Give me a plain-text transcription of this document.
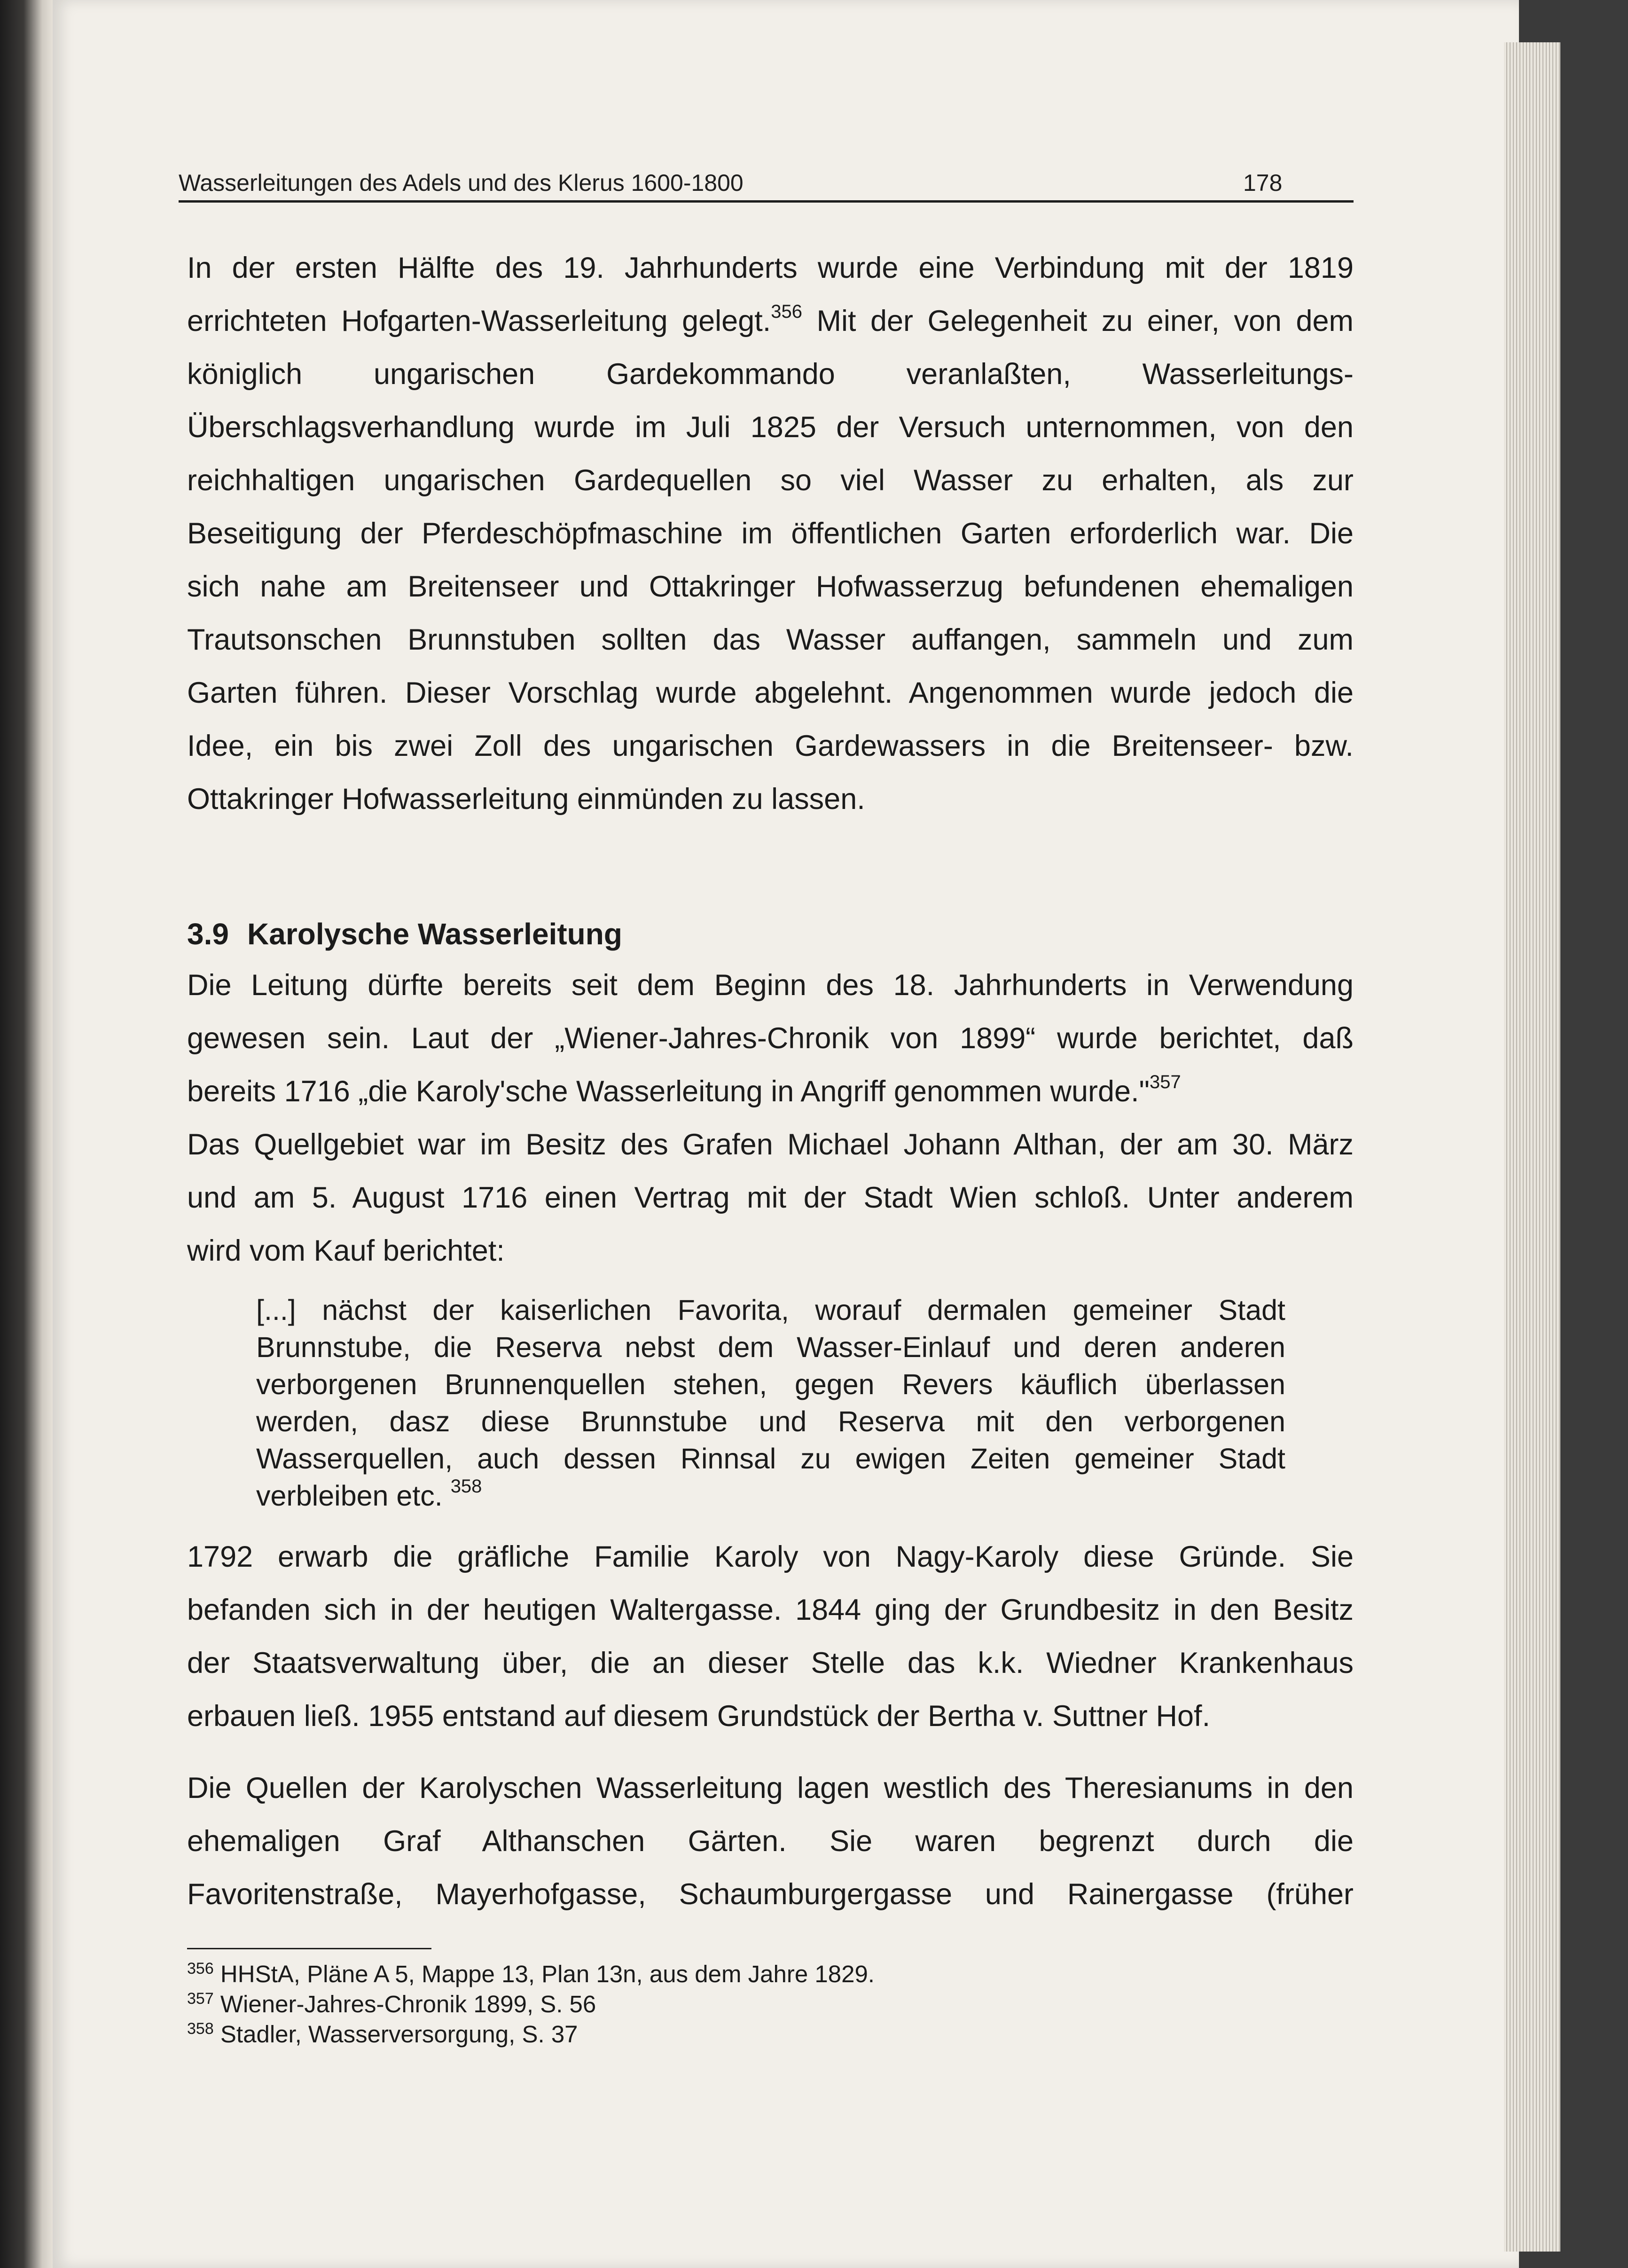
Wasserleitungen des Adels und des Klerus 1600-1800	178

In der ersten Hälfte des 19. Jahrhunderts wurde eine Verbindung mit der 1819

errichteten Hofgarten-Wasserleitung gelegt.$^{356}$ Mit der Gelegenheit zu einer, von dem

königlich ungarischen Gardekommando veranlaßten, Wasserleitungs-

Überschlagsverhandlung wurde im Juli 1825 der Versuch unternommen, von den

reichhaltigen ungarischen Gardequellen so viel Wasser zu erhalten, als zur

Beseitigung der Pferdeschöpfmaschine im öffentlichen Garten erforderlich war. Die

sich nahe am Breitenseer und Ottakringer Hofwasserzug befundenen ehemaligen

Trautsonschen Brunnstuben sollten das Wasser auffangen, sammeln und zum

Garten führen. Dieser Vorschlag wurde abgelehnt. Angenommen wurde jedoch die

Idee, ein bis zwei Zoll des ungarischen Gardewassers in die Breitenseer- bzw.

Ottakringer Hofwasserleitung einmünden zu lassen.

3.9 Karolysche Wasserleitung

Die Leitung dürfte bereits seit dem Beginn des 18. Jahrhunderts in Verwendung

gewesen sein. Laut der „Wiener-Jahres-Chronik von 1899“ wurde berichtet, daß

bereits 1716 „die Karoly'sche Wasserleitung in Angriff genommen wurde."$^{357}$

Das Quellgebiet war im Besitz des Grafen Michael Johann Althan, der am 30. März

und am 5. August 1716 einen Vertrag mit der Stadt Wien schloß. Unter anderem

wird vom Kauf berichtet:

[...] nächst der kaiserlichen Favorita, worauf dermalen gemeiner Stadt

Brunnstube, die Reserva nebst dem Wasser-Einlauf und deren anderen

verborgenen Brunnenquellen stehen, gegen Revers käuflich überlassen

werden, dasz diese Brunnstube und Reserva mit den verborgenen

Wasserquellen, auch dessen Rinnsal zu ewigen Zeiten gemeiner Stadt

verbleiben etc. $^{358}$

1792 erwarb die gräfliche Familie Karoly von Nagy-Karoly diese Gründe. Sie

befanden sich in der heutigen Waltergasse. 1844 ging der Grundbesitz in den Besitz

der Staatsverwaltung über, die an dieser Stelle das k.k. Wiedner Krankenhaus

erbauen ließ. 1955 entstand auf diesem Grundstück der Bertha v. Suttner Hof.

Die Quellen der Karolyschen Wasserleitung lagen westlich des Theresianums in den

ehemaligen Graf Althanschen Gärten. Sie waren begrenzt durch die

Favoritenstraße, Mayerhofgasse, Schaumburgergasse und Rainergasse (früher

$^{356}$ HHStA, Pläne A 5, Mappe 13, Plan 13n, aus dem Jahre 1829.
$^{357}$ Wiener-Jahres-Chronik 1899, S. 56
$^{358}$ Stadler, Wasserversorgung, S. 37
